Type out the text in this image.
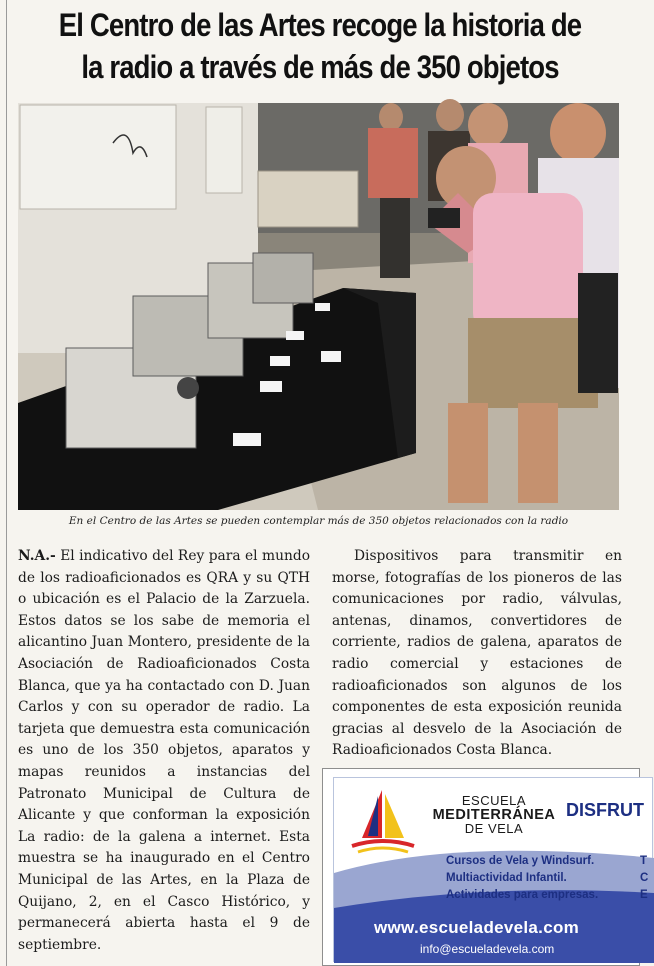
El Centro de las Artes recoge la historia de la radio a través de más de 350 objetos

En el Centro de las Artes se pueden contemplar más de 350 objetos relacionados con la radio

N.A.- El indicativo del Rey para el mundo de los radioaficionados es QRA y su QTH o ubicación es el Palacio de la Zarzuela. Estos datos se los sabe de memoria el alicantino Juan Montero, presidente de la Asociación de Radioaficionados Costa Blanca, que ya ha contactado con D. Juan Carlos y con su operador de radio. La tarjeta que demuestra esta comunicación es uno de los 350 objetos, aparatos y mapas reunidos a instancias del Patronato Municipal de Cultura de Alicante y que conforman la exposición La radio: de la galena a internet. Esta muestra se ha inaugurado en el Centro Municipal de las Artes, en la Plaza de Quijano, 2, en el Casco Histórico, y permanecerá abierta hasta el 9 de septiembre.

Dispositivos para transmitir en morse, fotografías de los pioneros de las comunicaciones por radio, válvulas, antenas, dinamos, convertidores de corriente, radios de galena, aparatos de radio comercial y estaciones de radioaficionados son algunos de los componentes de esta exposición reunida gracias al desvelo de la Asociación de Radioaficionados Costa Blanca.

ESCUELA
MEDITERRÁNEA
DE VELA
DISFRUT
Cursos de Vela y Windsurf.
Multiactividad Infantil.
Actividades para empresas.
T
C
E
www.escueladevela.com
info@escueladevela.com
